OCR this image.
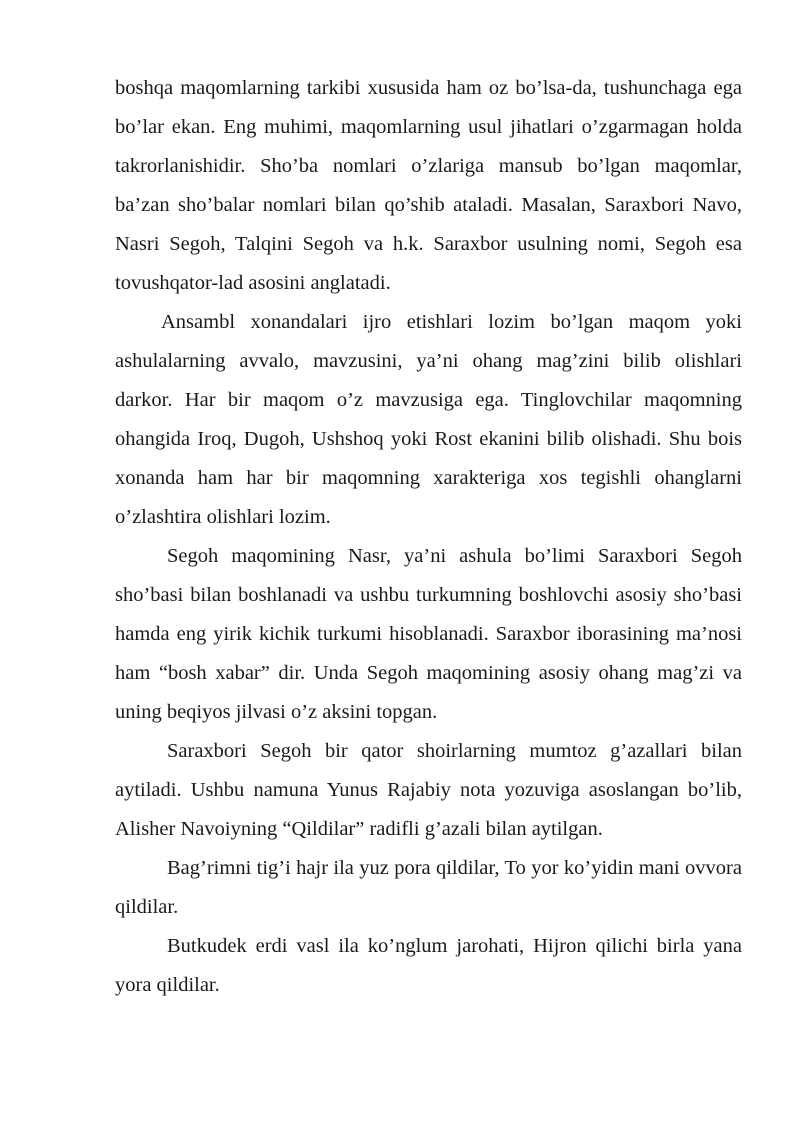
boshqa maqomlarning tarkibi xususida ham oz bo’lsa-da, tushunchaga ega bo’lar ekan. Eng muhimi, maqomlarning usul jihatlari o’zgarmagan holda takrorlanishidir. Sho’ba nomlari o’zlariga mansub bo’lgan maqomlar, ba’zan sho’balar nomlari bilan qo’shib ataladi. Masalan, Saraxbori Navo, Nasri Segoh, Talqini Segoh va h.k. Saraxbor usulning nomi, Segoh esa tovushqator-lad asosini anglatadi.

Ansambl xonandalari ijro etishlari lozim bo’lgan maqom yoki ashulalarning avvalo, mavzusini, ya’ni ohang mag’zini bilib olishlari darkor. Har bir maqom o’z mavzusiga ega. Tinglovchilar maqomning ohangida Iroq, Dugoh, Ushshoq yoki Rost ekanini bilib olishadi. Shu bois xonanda ham har bir maqomning xarakteriga xos tegishli ohanglarni o’zlashtira olishlari lozim.

Segoh maqomining Nasr, ya’ni ashula bo’limi Saraxbori Segoh sho’basi bilan boshlanadi va ushbu turkumning boshlovchi asosiy sho’basi hamda eng yirik kichik turkumi hisoblanadi. Saraxbor iborasining ma’nosi ham “bosh xabar” dir. Unda Segoh maqomining asosiy ohang mag’zi va uning beqiyos jilvasi o’z aksini topgan.

Saraxbori Segoh bir qator shoirlarning mumtoz g’azallari bilan aytiladi. Ushbu namuna Yunus Rajabiy nota yozuviga asoslangan bo’lib, Alisher Navoiyning “Qildilar” radifli g’azali bilan aytilgan.

Bag’rimni tig’i hajr ila yuz pora qildilar, To yor ko’yidin mani ovvora qildilar.

Butkudek erdi vasl ila ko’nglum jarohati, Hijron qilichi birla yana yora qildilar.
